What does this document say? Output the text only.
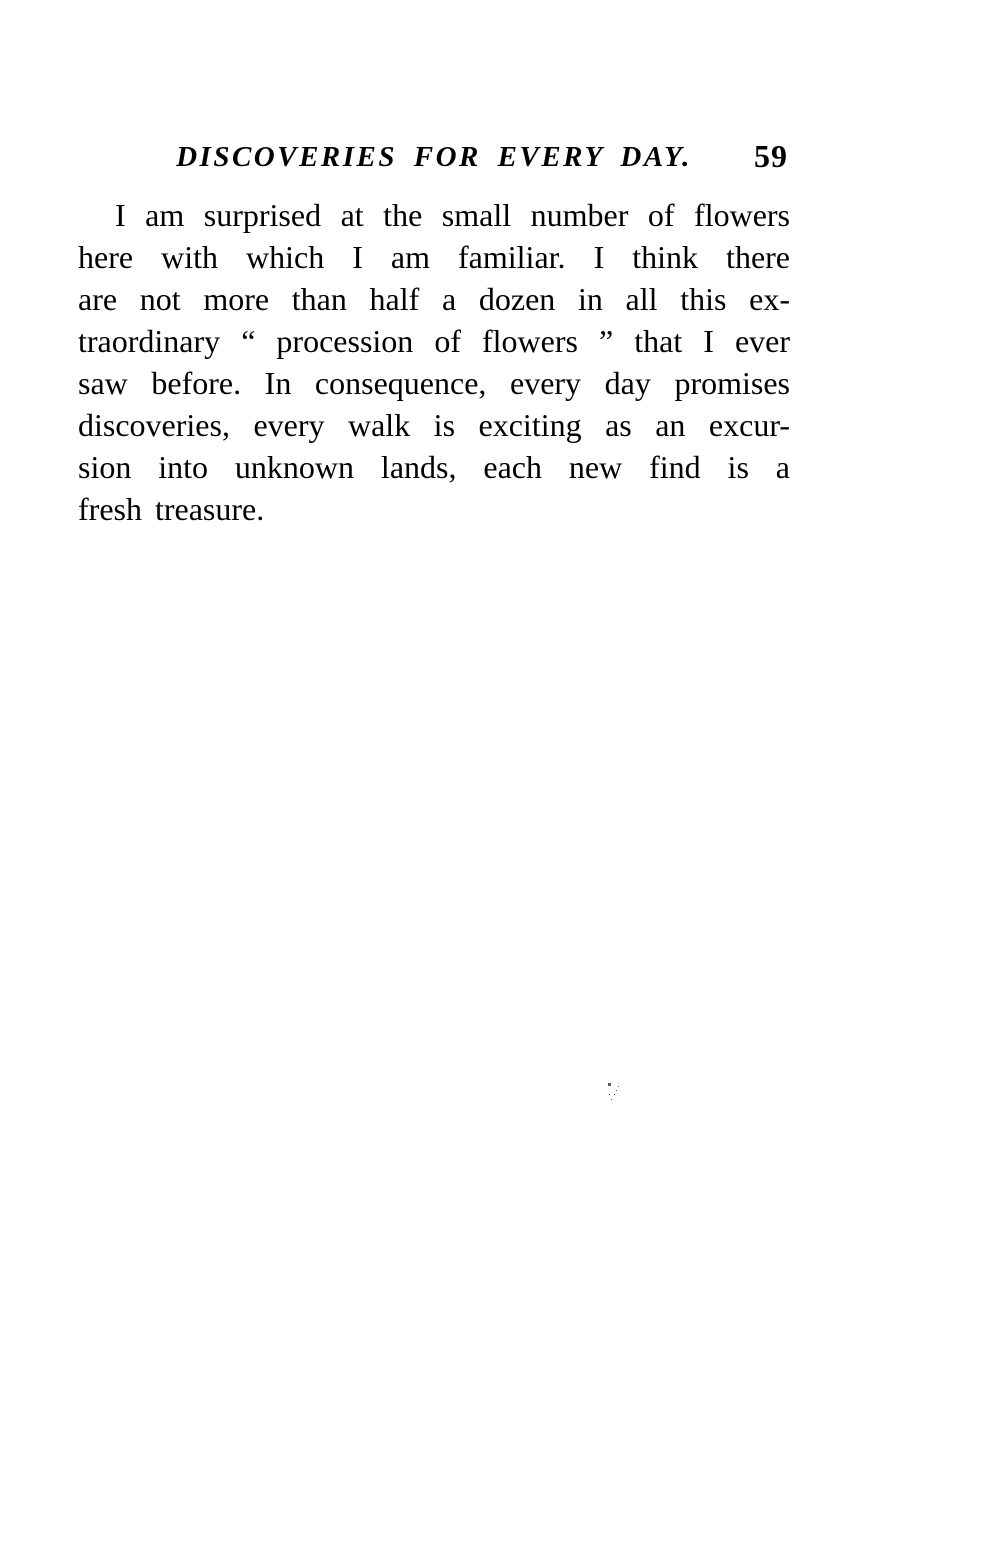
DISCOVERIES FOR EVERY DAY.	59
I am surprised at the small number of flowers
here with which I am familiar. I think there
are not more than half a dozen in all this ex-
traordinary “ procession of flowers ” that I ever
saw before. In consequence, every day promises
discoveries, every walk is exciting as an excur-
sion into unknown lands, each new find is a
fresh treasure.
